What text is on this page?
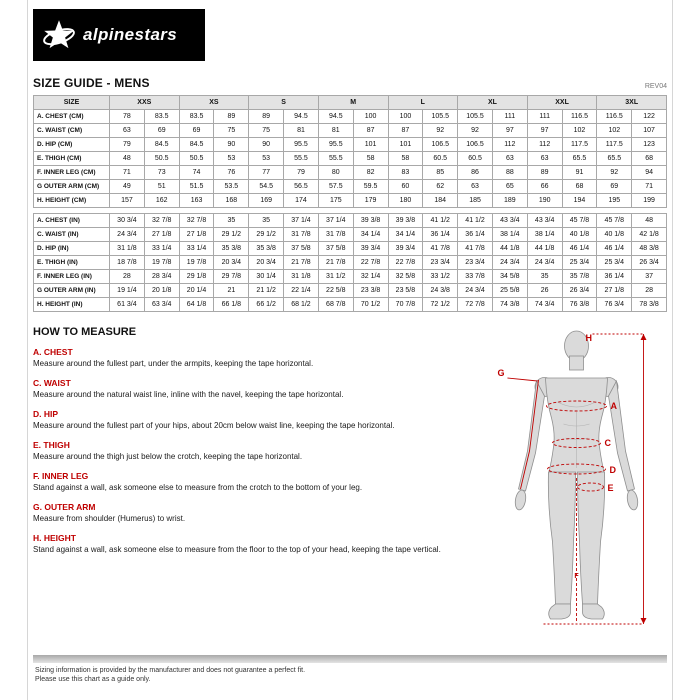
alpinestars
SIZE GUIDE - MENS	REV04
SIZE	XXS		XS		S		M		L		XL		XXL		3XL	
A. CHEST (CM)	78	83.5	83.5	89	89	94.5	94.5	100	100	105.5	105.5	111	111	116.5	116.5	122
C. WAIST (CM)	63	69	69	75	75	81	81	87	87	92	92	97	97	102	102	107
D. HIP (CM)	79	84.5	84.5	90	90	95.5	95.5	101	101	106.5	106.5	112	112	117.5	117.5	123
E. THIGH (CM)	48	50.5	50.5	53	53	55.5	55.5	58	58	60.5	60.5	63	63	65.5	65.5	68
F. INNER LEG (CM)	71	73	74	76	77	79	80	82	83	85	86	88	89	91	92	94
G OUTER ARM (CM)	49	51	51.5	53.5	54.5	56.5	57.5	59.5	60	62	63	65	66	68	69	71
H. HEIGHT (CM)	157	162	163	168	169	174	175	179	180	184	185	189	190	194	195	199

A. CHEST (IN)	30 3/4	32 7/8	32 7/8	35	35	37 1/4	37 1/4	39 3/8	39 3/8	41 1/2	41 1/2	43 3/4	43 3/4	45 7/8	45 7/8	48
C. WAIST (IN)	24 3/4	27 1/8	27 1/8	29 1/2	29 1/2	31 7/8	31 7/8	34 1/4	34 1/4	36 1/4	36 1/4	38 1/4	38 1/4	40 1/8	40 1/8	42 1/8
D. HIP (IN)	31 1/8	33 1/4	33 1/4	35 3/8	35 3/8	37 5/8	37 5/8	39 3/4	39 3/4	41 7/8	41 7/8	44 1/8	44 1/8	46 1/4	46 1/4	48 3/8
E. THIGH (IN)	18 7/8	19 7/8	19 7/8	20 3/4	20 3/4	21 7/8	21 7/8	22 7/8	22 7/8	23 3/4	23 3/4	24 3/4	24 3/4	25 3/4	25 3/4	26 3/4
F. INNER LEG (IN)	28	28 3/4	29 1/8	29 7/8	30 1/4	31 1/8	31 1/2	32 1/4	32 5/8	33 1/2	33 7/8	34 5/8	35	35 7/8	36 1/4	37
G OUTER ARM (IN)	19 1/4	20 1/8	20 1/4	21	21 1/2	22 1/4	22 5/8	23 3/8	23 5/8	24 3/8	24 3/4	25 5/8	26	26 3/4	27 1/8	28
H. HEIGHT (IN)	61 3/4	63 3/4	64 1/8	66 1/8	66 1/2	68 1/2	68 7/8	70 1/2	70 7/8	72 1/2	72 7/8	74 3/8	74 3/4	76 3/8	76 3/4	78 3/8
HOW TO MEASURE
A. CHEST

Measure around the fullest part, under the armpits, keeping the tape horizontal.

C. WAIST

Measure around the natural waist line, inline with the navel, keeping the tape horizontal.

D. HIP

Measure around the fullest part of your hips, about 20cm below waist line, keeping the tape horizontal.

E. THIGH

Measure around the thigh just below the crotch, keeping the tape horizontal.

F. INNER LEG

Stand against a wall, ask someone else to measure from the crotch to the bottom of your leg.

G. OUTER ARM

Measure from shoulder (Humerus) to wrist.

H. HEIGHT

Stand against a wall, ask someone else to measure from the floor to the top of your head, keeping the tape vertical.

H
G
A
C
D
E
F

Sizing information is provided by the manufacturer and does not guarantee a perfect fit.

Please use this chart as a guide only.
